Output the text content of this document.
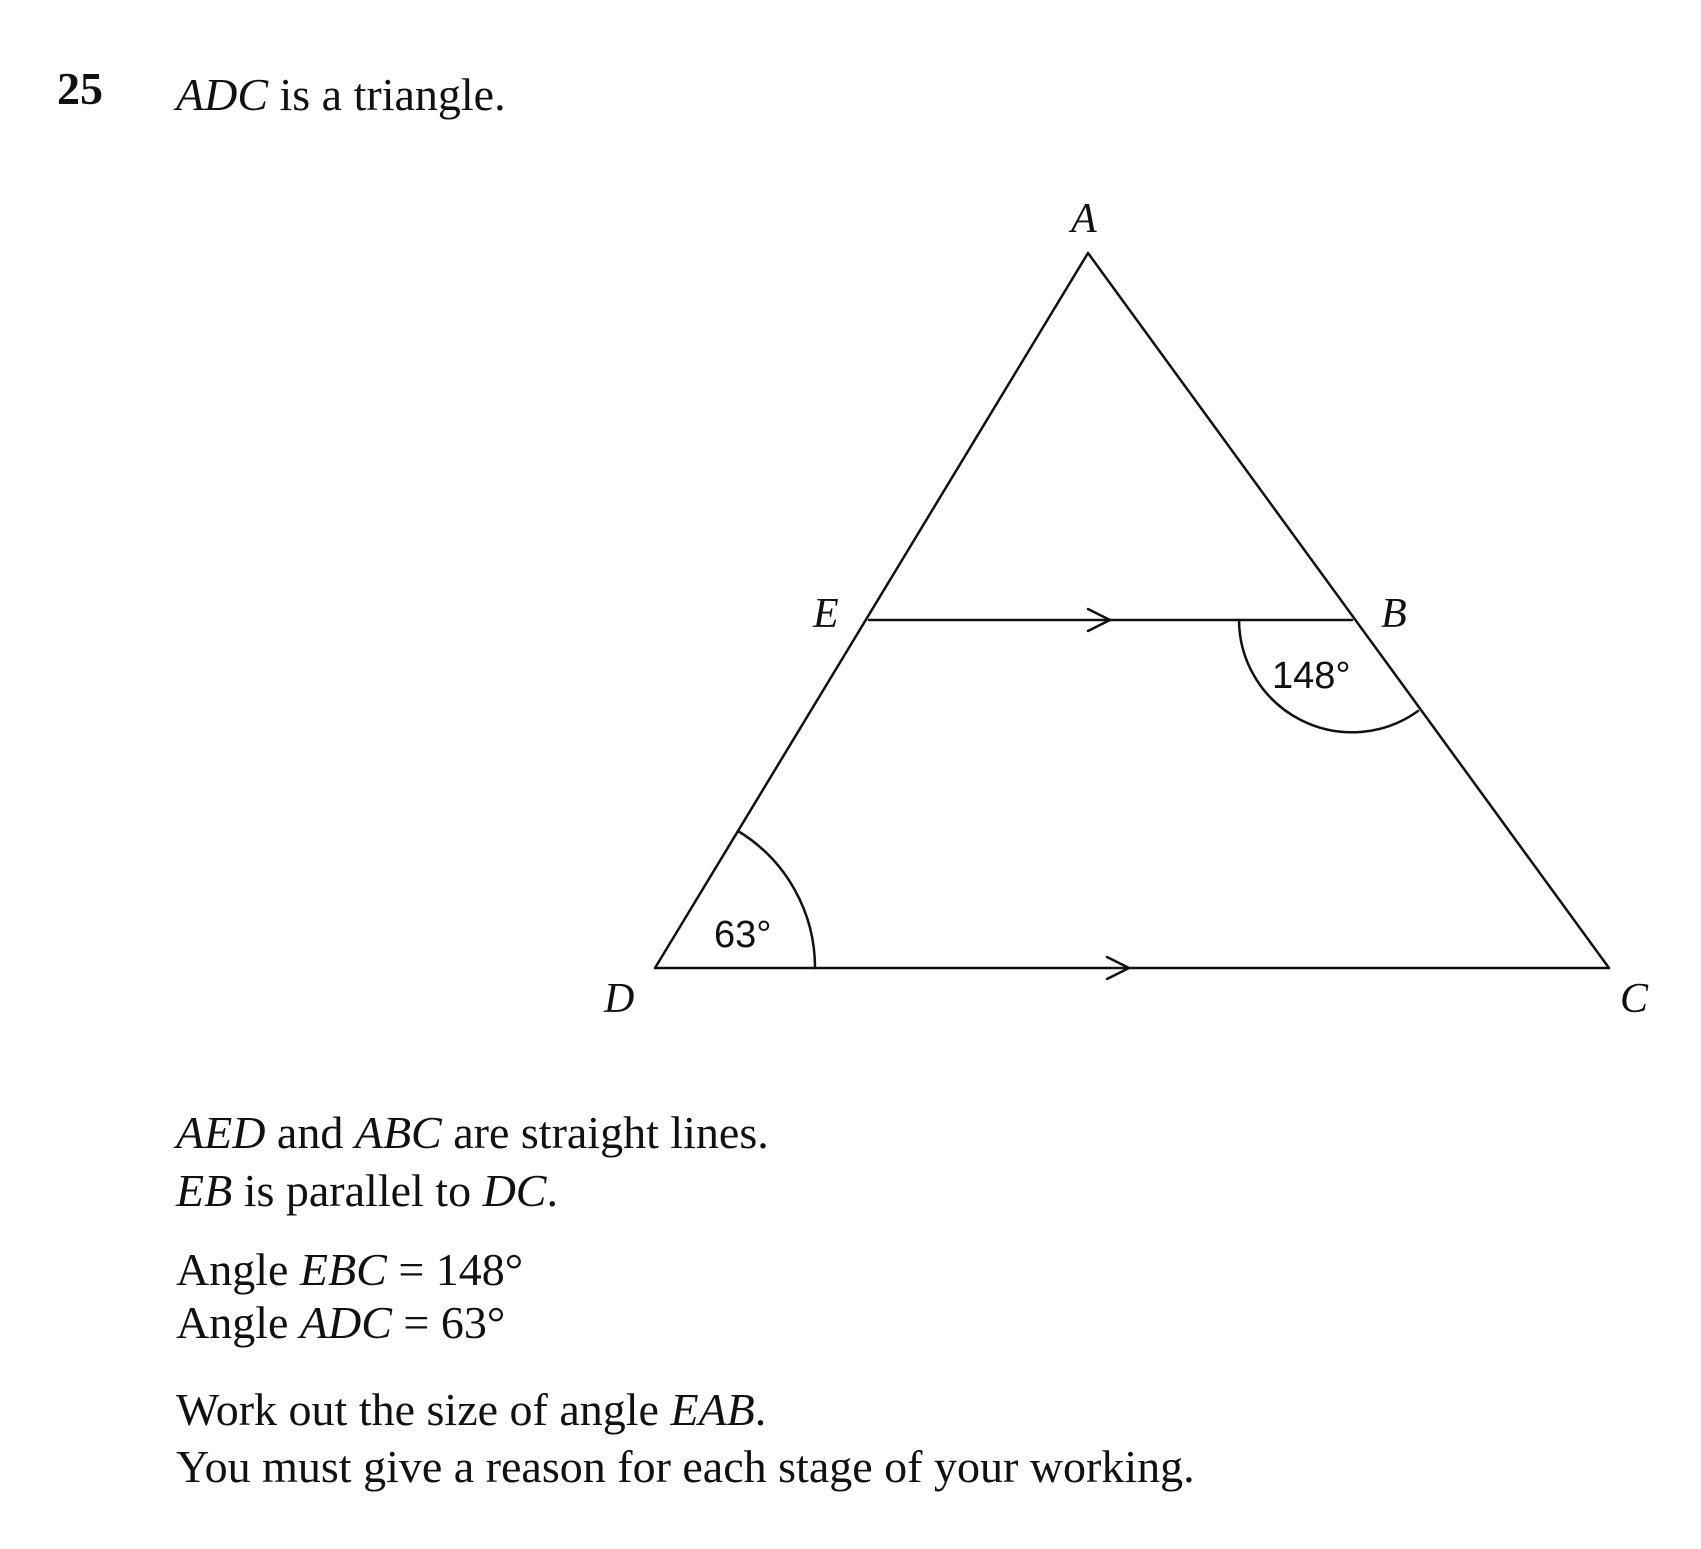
25 ADC is a triangle.
A
E	B
D	C
148°
63°
AED and ABC are straight lines.
EB is parallel to DC.
Angle EBC = 148°
Angle ADC = 63°
Work out the size of angle EAB.
You must give a reason for each stage of your working.
